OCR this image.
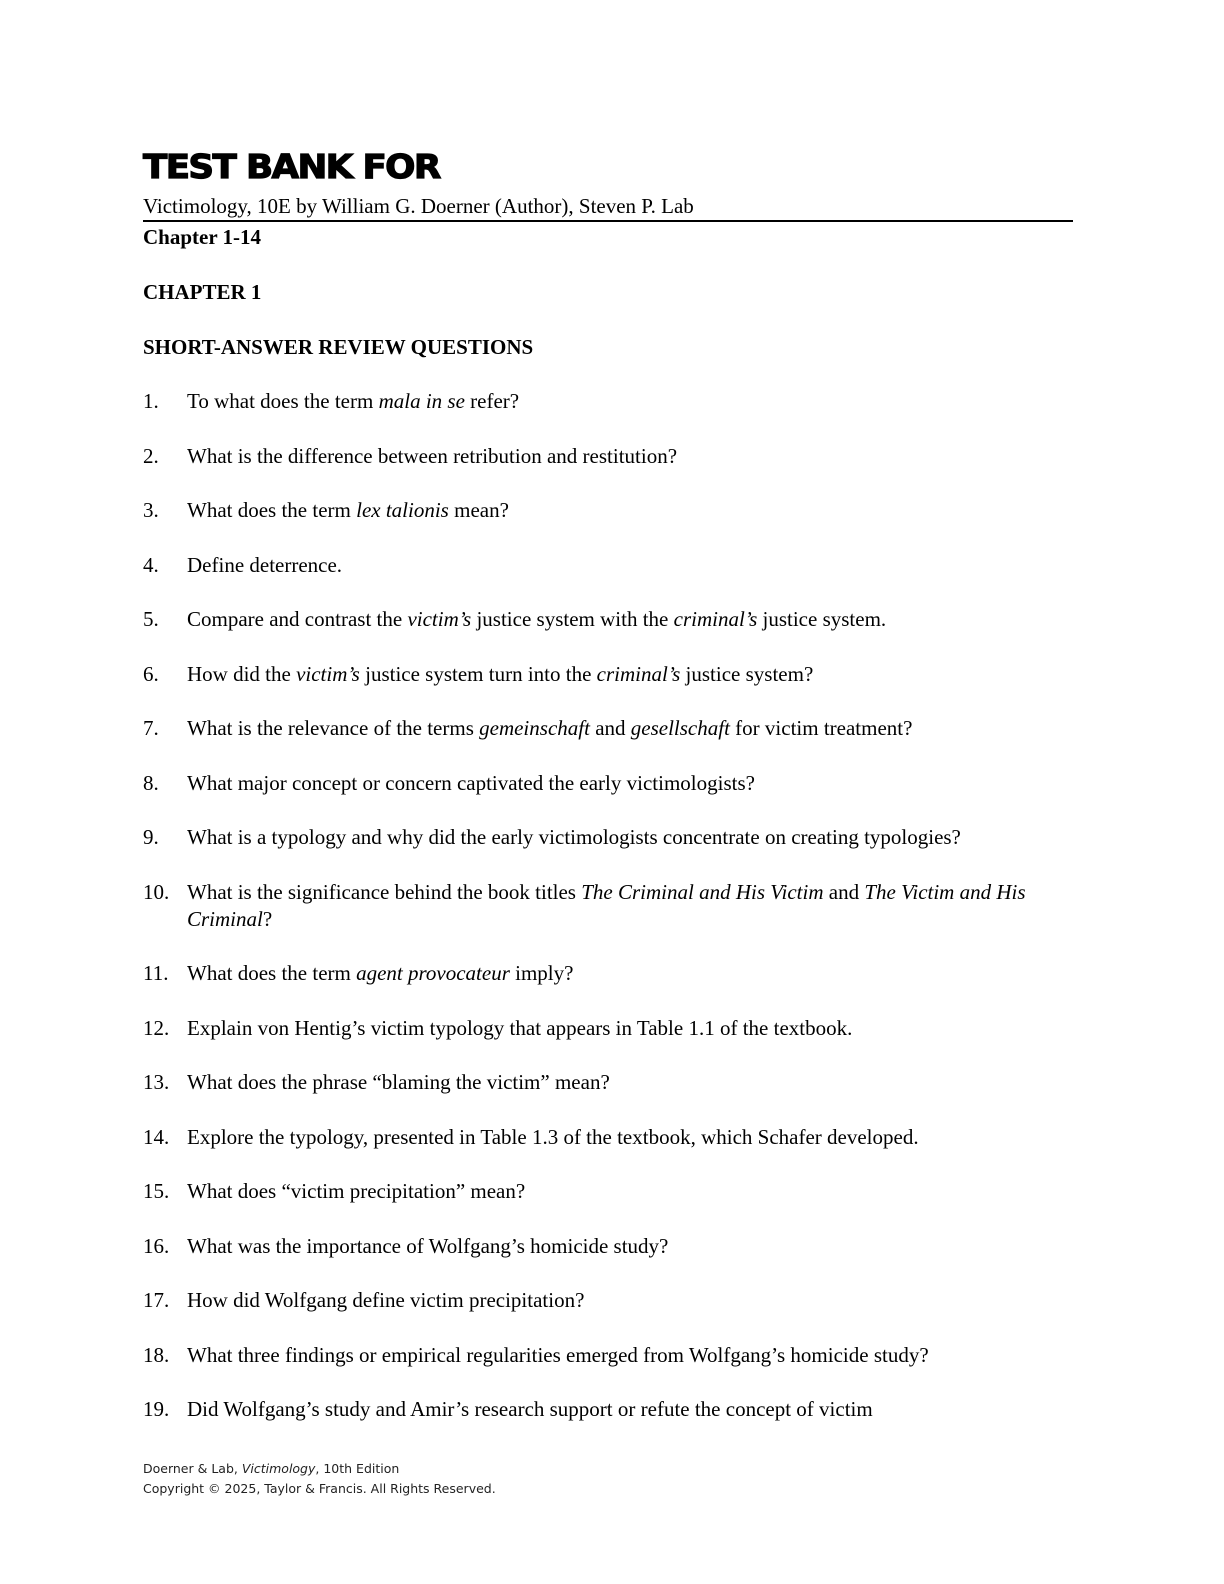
TEST BANK FOR
Victimology, 10E by William G. Doerner (Author), Steven P. Lab
Chapter 1-14
CHAPTER 1
SHORT-ANSWER REVIEW QUESTIONS
1.	To what does the term mala in se refer?
2.	What is the difference between retribution and restitution?
3.	What does the term lex talionis mean?
4.	Define deterrence.
5.	Compare and contrast the victim’s justice system with the criminal’s justice system.
6.	How did the victim’s justice system turn into the criminal’s justice system?
7.	What is the relevance of the terms gemeinschaft and gesellschaft for victim treatment?
8.	What major concept or concern captivated the early victimologists?
9.	What is a typology and why did the early victimologists concentrate on creating typologies?
10. What is the significance behind the book titles The Criminal and His Victim and The Victim and His Criminal?
11. What does the term agent provocateur imply?
12. Explain von Hentig’s victim typology that appears in Table 1.1 of the textbook.
13. What does the phrase “blaming the victim” mean?
14. Explore the typology, presented in Table 1.3 of the textbook, which Schafer developed.
15. What does “victim precipitation” mean?
16. What was the importance of Wolfgang’s homicide study?
17. How did Wolfgang define victim precipitation?
18. What three findings or empirical regularities emerged from Wolfgang’s homicide study?
19. Did Wolfgang’s study and Amir’s research support or refute the concept of victim
Doerner & Lab, Victimology, 10th Edition
Copyright © 2025, Taylor & Francis. All Rights Reserved.
